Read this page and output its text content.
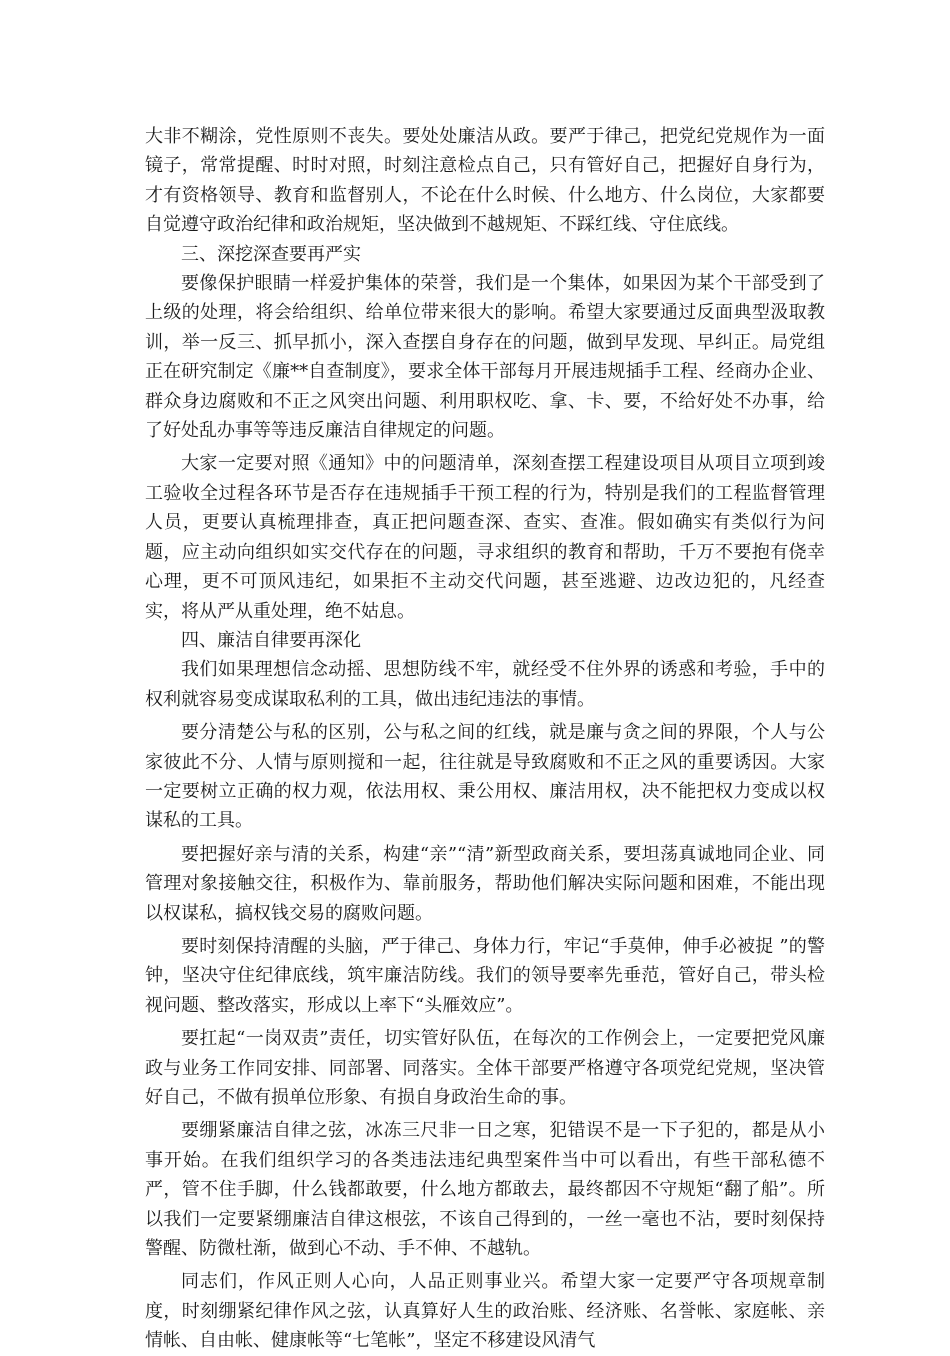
大非不糊涂，党性原则不丧失。要处处廉洁从政。要严于律己，把党纪党规作为一面镜子，常常提醒、时时对照，时刻注意检点自己，只有管好自己，把握好自身行为，才有资格领导、教育和监督别人，不论在什么时候、什么地方、什么岗位，大家都要自觉遵守政治纪律和政治规矩，坚决做到不越规矩、不踩红线、守住底线。

三、深挖深查要再严实

要像保护眼睛一样爱护集体的荣誉，我们是一个集体，如果因为某个干部受到了上级的处理，将会给组织、给单位带来很大的影响。希望大家要通过反面典型汲取教训，举一反三、抓早抓小，深入查摆自身存在的问题，做到早发现、早纠正。局党组正在研究制定《廉**自查制度》，要求全体干部每月开展违规插手工程、经商办企业、群众身边腐败和不正之风突出问题、利用职权吃、拿、卡、要，不给好处不办事，给了好处乱办事等等违反廉洁自律规定的问题。

大家一定要对照《通知》中的问题清单，深刻查摆工程建设项目从项目立项到竣工验收全过程各环节是否存在违规插手干预工程的行为，特别是我们的工程监督管理人员，更要认真梳理排查，真正把问题查深、查实、查准。假如确实有类似行为问题，应主动向组织如实交代存在的问题，寻求组织的教育和帮助，千万不要抱有侥幸心理，更不可顶风违纪，如果拒不主动交代问题，甚至逃避、边改边犯的，凡经查实，将从严从重处理，绝不姑息。

四、廉洁自律要再深化

我们如果理想信念动摇、思想防线不牢，就经受不住外界的诱惑和考验，手中的权利就容易变成谋取私利的工具，做出违纪违法的事情。

要分清楚公与私的区别，公与私之间的红线，就是廉与贪之间的界限，个人与公家彼此不分、人情与原则搅和一起，往往就是导致腐败和不正之风的重要诱因。大家一定要树立正确的权力观，依法用权、秉公用权、廉洁用权，决不能把权力变成以权谋私的工具。

要把握好亲与清的关系，构建“亲”“清”新型政商关系，要坦荡真诚地同企业、同管理对象接触交往，积极作为、靠前服务，帮助他们解决实际问题和困难，不能出现以权谋私，搞权钱交易的腐败问题。

要时刻保持清醒的头脑，严于律己、身体力行，牢记“手莫伸，伸手必被捉 ”的警钟，坚决守住纪律底线，筑牢廉洁防线。我们的领导要率先垂范，管好自己，带头检视问题、整改落实，形成以上率下“头雁效应”。

要扛起“一岗双责”责任，切实管好队伍，在每次的工作例会上，一定要把党风廉政与业务工作同安排、同部署、同落实。全体干部要严格遵守各项党纪党规，坚决管好自己，不做有损单位形象、有损自身政治生命的事。

要绷紧廉洁自律之弦，冰冻三尺非一日之寒，犯错误不是一下子犯的，都是从小事开始。在我们组织学习的各类违法违纪典型案件当中可以看出，有些干部私德不严，管不住手脚，什么钱都敢要，什么地方都敢去，最终都因不守规矩“翻了船”。所以我们一定要紧绷廉洁自律这根弦，不该自己得到的，一丝一毫也不沾，要时刻保持警醒、防微杜渐，做到心不动、手不伸、不越轨。

同志们，作风正则人心向，人品正则事业兴。希望大家一定要严守各项规章制度，时刻绷紧纪律作风之弦，认真算好人生的政治账、经济账、名誉帐、家庭帐、亲情帐、自由帐、健康帐等“七笔帐”，坚定不移建设风清气
